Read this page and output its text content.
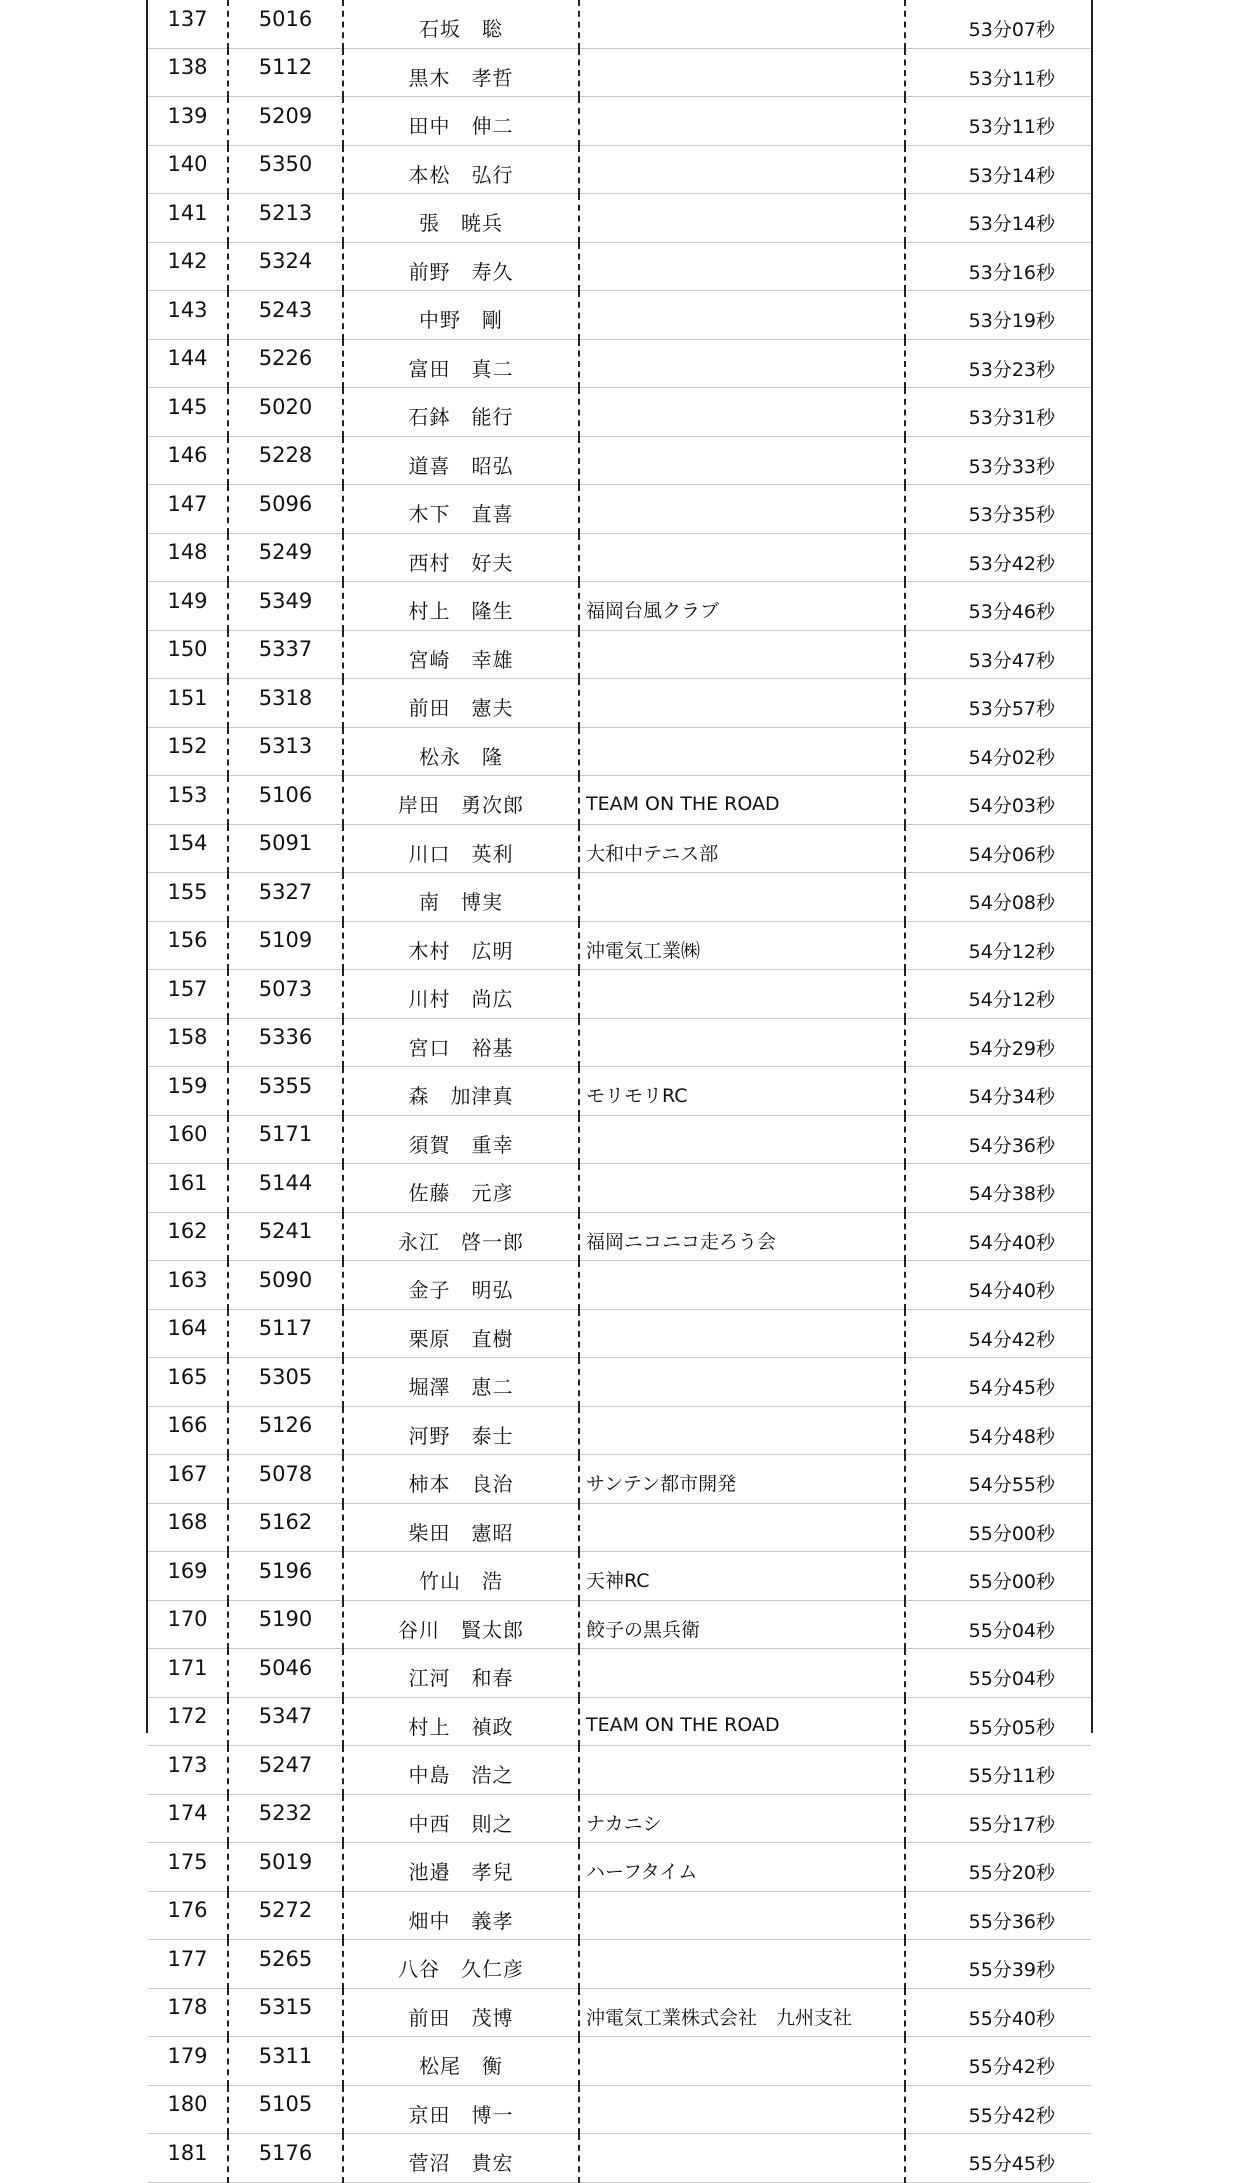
137	5016	石坂　聡		53分07秒
138	5112	黒木　孝哲		53分11秒
139	5209	田中　伸二		53分11秒
140	5350	本松　弘行		53分14秒
141	5213	張　暁兵		53分14秒
142	5324	前野　寿久		53分16秒
143	5243	中野　剛		53分19秒
144	5226	富田　真二		53分23秒
145	5020	石鉢　能行		53分31秒
146	5228	道喜　昭弘		53分33秒
147	5096	木下　直喜		53分35秒
148	5249	西村　好夫		53分42秒
149	5349	村上　隆生	福岡台風クラブ	53分46秒
150	5337	宮崎　幸雄		53分47秒
151	5318	前田　憲夫		53分57秒
152	5313	松永　隆		54分02秒
153	5106	岸田　勇次郎	TEAM ON THE ROAD	54分03秒
154	5091	川口　英利	大和中テニス部	54分06秒
155	5327	南　博実		54分08秒
156	5109	木村　広明	沖電気工業㈱	54分12秒
157	5073	川村　尚広		54分12秒
158	5336	宮口　裕基		54分29秒
159	5355	森　加津真	モリモリRC	54分34秒
160	5171	須賀　重幸		54分36秒
161	5144	佐藤　元彦		54分38秒
162	5241	永江　啓一郎	福岡ニコニコ走ろう会	54分40秒
163	5090	金子　明弘		54分40秒
164	5117	栗原　直樹		54分42秒
165	5305	堀澤　恵二		54分45秒
166	5126	河野　泰士		54分48秒
167	5078	柿本　良治	サンテン都市開発	54分55秒
168	5162	柴田　憲昭		55分00秒
169	5196	竹山　浩	天神RC	55分00秒
170	5190	谷川　賢太郎	餃子の黒兵衛	55分04秒
171	5046	江河　和春		55分04秒
172	5347	村上　禎政	TEAM ON THE ROAD	55分05秒
173	5247	中島　浩之		55分11秒
174	5232	中西　則之	ナカニシ	55分17秒
175	5019	池邉　孝兒	ハーフタイム	55分20秒
176	5272	畑中　義孝		55分36秒
177	5265	八谷　久仁彦		55分39秒
178	5315	前田　茂博	沖電気工業株式会社　九州支社	55分40秒
179	5311	松尾　衡		55分42秒
180	5105	京田　博一		55分42秒
181	5176	菅沼　貴宏		55分45秒
